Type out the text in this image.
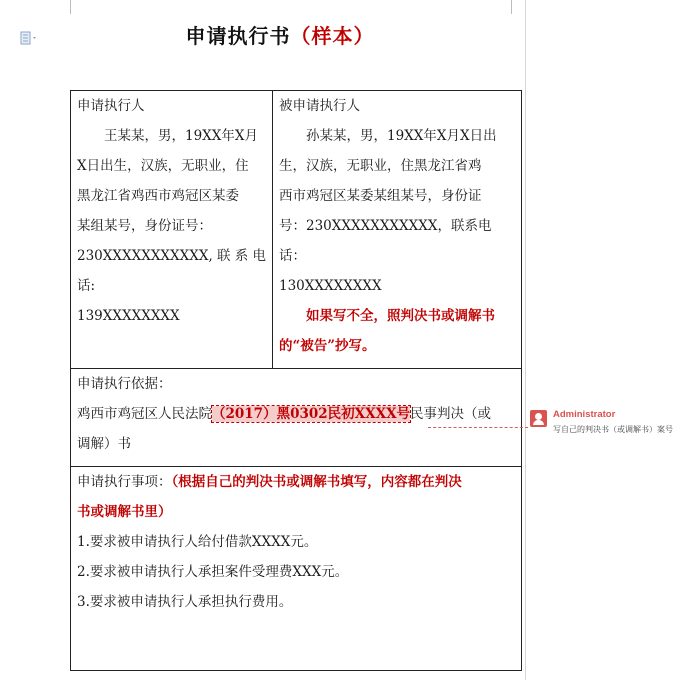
申请执行书（样本）
申请执行人
王某某，男，19XX年X月
X日出生，汉族，无职业，住
黑龙江省鸡西市鸡冠区某委
某组某号，身份证号：
230XXXXXXXXXXX,联系电话:
139XXXXXXXX
被申请执行人
孙某某，男，19XX年X月X日出
生，汉族，无职业，住黑龙江省鸡
西市鸡冠区某委某组某号，身份证
号：230XXXXXXXXXXX，联系电话：
130XXXXXXXX
如果写不全，照判决书或调解书
的“被告”抄写。
申请执行依据：
鸡西市鸡冠区人民法院（2017）黑0302民初XXXX号民事判决（或
调解）书
申请执行事项：（根据自己的判决书或调解书填写，内容都在判决
书或调解书里）
1.要求被申请执行人给付借款XXXX元。
2.要求被申请执行人承担案件受理费XXX元。
3.要求被申请执行人承担执行费用。
Administrator
写自己的判决书（或调解书）案号
